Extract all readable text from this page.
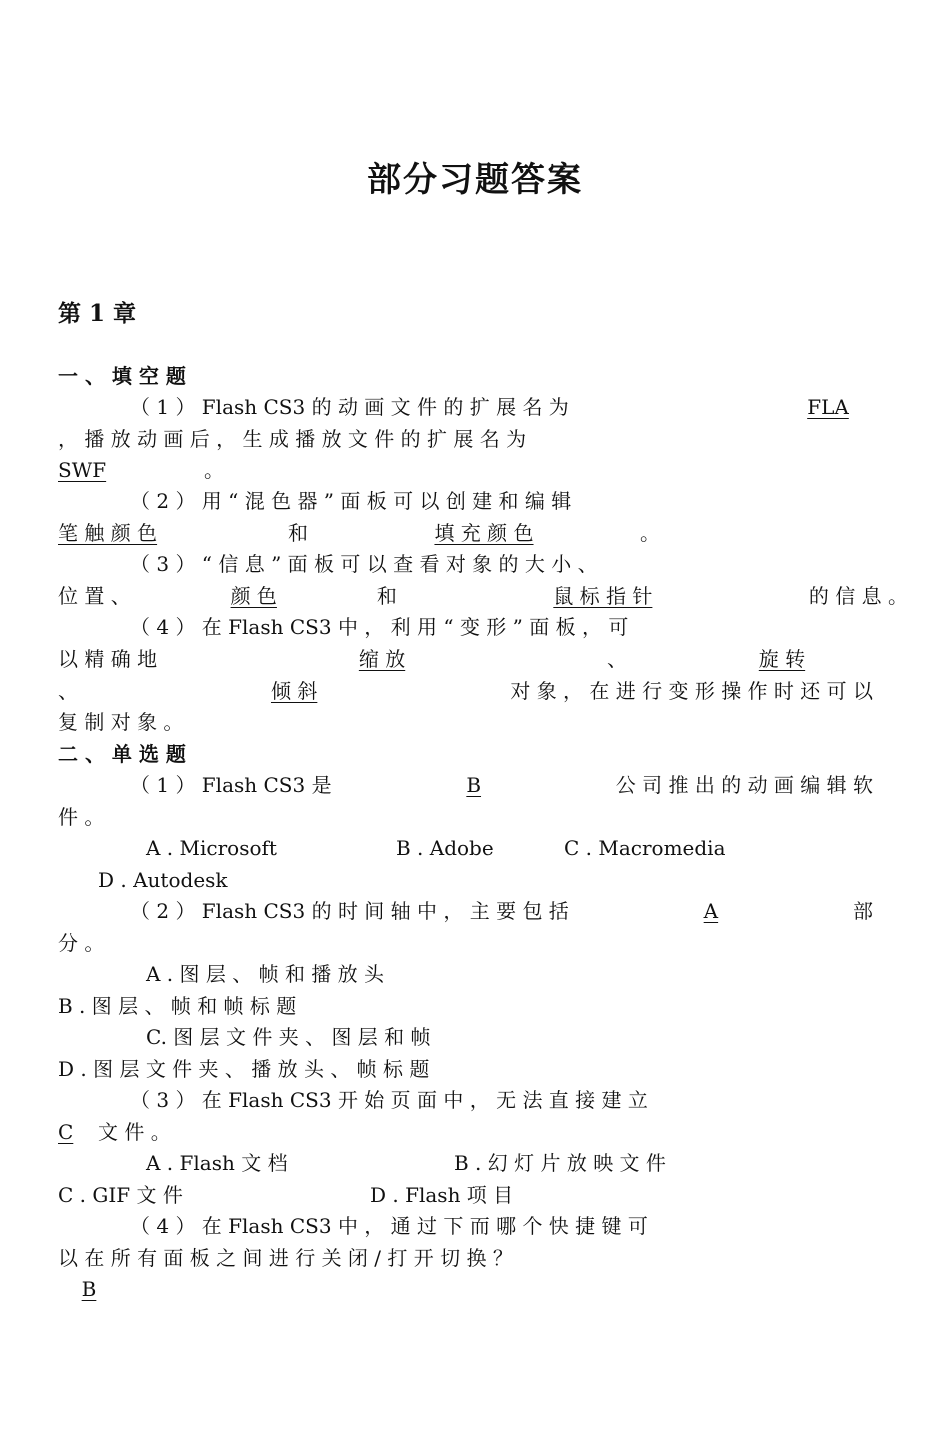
部分习题答案
第 1 章
一 、 填 空 题
（ 1 ） Flash CS3 的 动 画 文 件 的 扩 展 名 为	FLA
， 播 放 动 画 后 ， 生 成 播 放 文 件 的 扩 展 名 为
SWF	。
（ 2 ） 用 “ 混 色 器 ” 面 板 可 以 创 建 和 编 辑
笔 触 颜 色	和	填 充 颜 色	。
（ 3 ） “ 信 息 ” 面 板 可 以 查 看 对 象 的 大 小 、
位 置 、	颜 色	和	鼠 标 指 针	的 信 息 。
（ 4 ） 在 Flash CS3 中 ， 利 用 “ 变 形 ” 面 板 ， 可
以 精 确 地	缩 放	、	旋 转
、	倾 斜	对 象 ， 在 进 行 变 形 操 作 时 还 可 以
复 制 对 象 。
二 、 单 选 题
（ 1 ） Flash CS3 是	B	公 司 推 出 的 动 画 编 辑 软
件 。
A . Microsoft	B . Adobe	C . Macromedia
D . Autodesk
（ 2 ） Flash CS3 的 时 间 轴 中 ， 主 要 包 括	A	部
分 。
A . 图 层 、 帧 和 播 放 头
B . 图 层 、 帧 和 帧 标 题
C. 图 层 文 件 夹 、 图 层 和 帧
D . 图 层 文 件 夹 、 播 放 头 、 帧 标 题
（ 3 ） 在 Flash CS3 开 始 页 面 中 ， 无 法 直 接 建 立
C	文 件 。
A . Flash 文 档	B . 幻 灯 片 放 映 文 件
C . GIF 文 件	D . Flash 项 目
（ 4 ） 在 Flash CS3 中 ， 通 过 下 而 哪 个 快 捷 键 可
以 在 所 有 面 板 之 间 进 行 关 闭 / 打 开 切 换 ？
B
